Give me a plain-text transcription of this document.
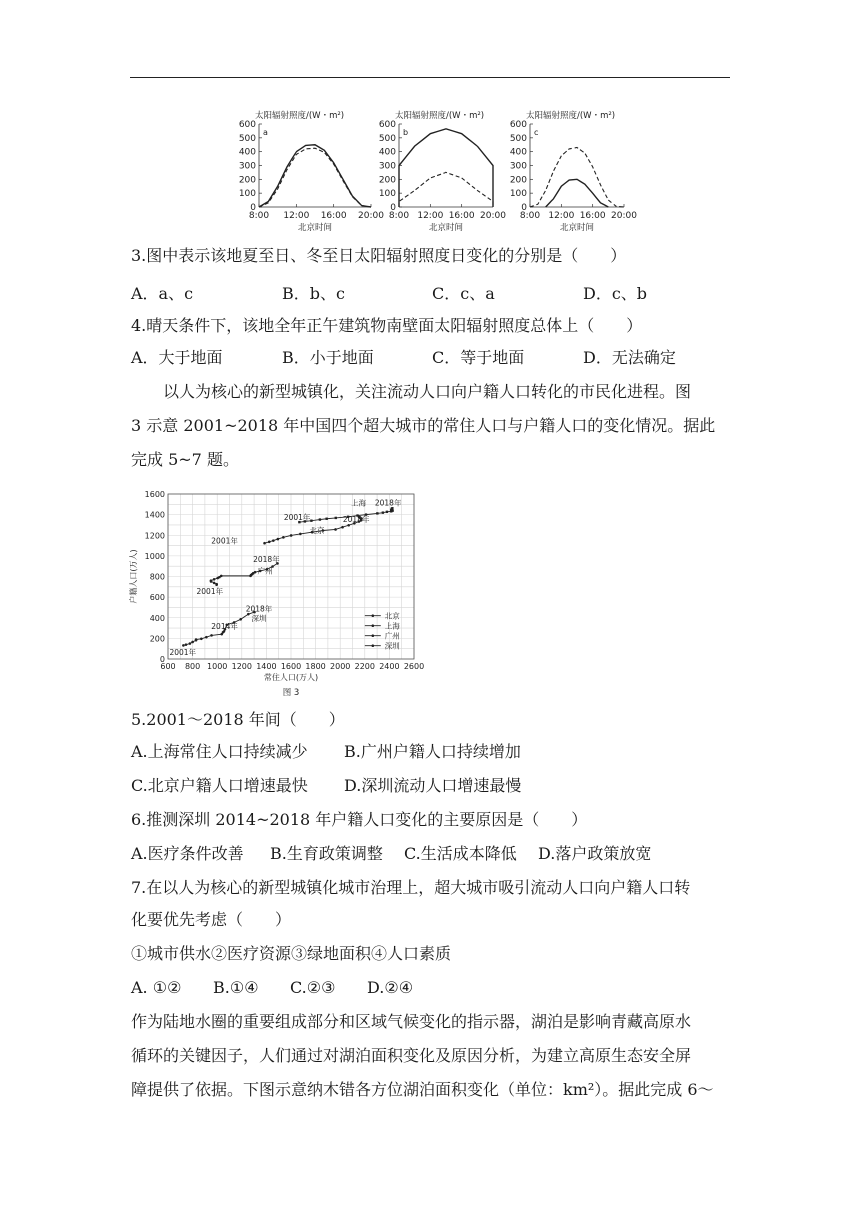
太阳辐射照度/(W・m²)
a
0
100
200
300
400
500
600
8:00 12:00 16:00 20:00
北京时间
太阳辐射照度/(W・m²)
b
0
100
200
300
400
500
600
8:00 12:00 16:00 20:00
北京时间
太阳辐射照度/(W・m²)
c
0
100
200
300
400
500
600
8:00 12:00 16:00 20:00
北京时间
3.图中表示该地夏至日、冬至日太阳辐射照度日变化的分别是（　　）
A．a、c	B．b、c	C．c、a	D．c、b
4.晴天条件下，该地全年正午建筑物南壁面太阳辐射照度总体上（　　）
A．大于地面	B．小于地面	C．等于地面	D．无法确定
以人为核心的新型城镇化，关注流动人口向户籍人口转化的市民化进程。图
3 示意 2001~2018 年中国四个超大城市的常住人口与户籍人口的变化情况。据此
完成 5~7 题。
0
200
400
600
800
1000
1200
1400
1600
600 800 1000 1200 1400 1600 1800 2000 2200 2400 2600
常住人口(万人)
户籍人口(万人)
图 3
上海 2018年
2001年	2018年
2001年
北京
2018年
广州
2001年
2018年
深圳
2014年
2001年
北京
上海
广州
深圳
5.2001～2018 年间（　　）
A.上海常住人口持续减少 B.广州户籍人口持续增加
C.北京户籍人口增速最快 D.深圳流动人口增速最慢
6.推测深圳 2014~2018 年户籍人口变化的主要原因是（　　）
A.医疗条件改善 B.生育政策调整 C.生活成本降低 D.落户政策放宽
7.在以人为核心的新型城镇化城市治理上，超大城市吸引流动人口向户籍人口转
化要优先考虑（　　）
①城市供水②医疗资源③绿地面积④人口素质
A. ①② B.①④ C.②③ D.②④
作为陆地水圈的重要组成部分和区域气候变化的指示器，湖泊是影响青藏高原水
循环的关键因子，人们通过对湖泊面积变化及原因分析，为建立高原生态安全屏
障提供了依据。下图示意纳木错各方位湖泊面积变化（单位：km²）。据此完成 6～
